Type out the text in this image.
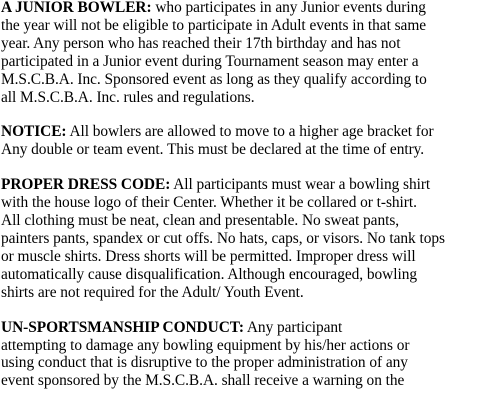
A JUNIOR BOWLER: who participates in any Junior events during
the year will not be eligible to participate in Adult events in that same
year. Any person who has reached their 17th birthday and has not
participated in a Junior event during Tournament season may enter a
M.S.C.B.A. Inc. Sponsored event as long as they qualify according to
all M.S.C.B.A. Inc. rules and regulations.
NOTICE: All bowlers are allowed to move to a higher age bracket for
Any double or team event. This must be declared at the time of entry.
PROPER DRESS CODE: All participants must wear a bowling shirt
with the house logo of their Center. Whether it be collared or t-shirt.
All clothing must be neat, clean and presentable. No sweat pants,
painters pants, spandex or cut offs. No hats, caps, or visors. No tank tops
or muscle shirts. Dress shorts will be permitted. Improper dress will
automatically cause disqualification. Although encouraged, bowling
shirts are not required for the Adult/ Youth Event.
UN-SPORTSMANSHIP CONDUCT: Any participant
attempting to damage any bowling equipment by his/her actions or
using conduct that is disruptive to the proper administration of any
event sponsored by the M.S.C.B.A. shall receive a warning on the
